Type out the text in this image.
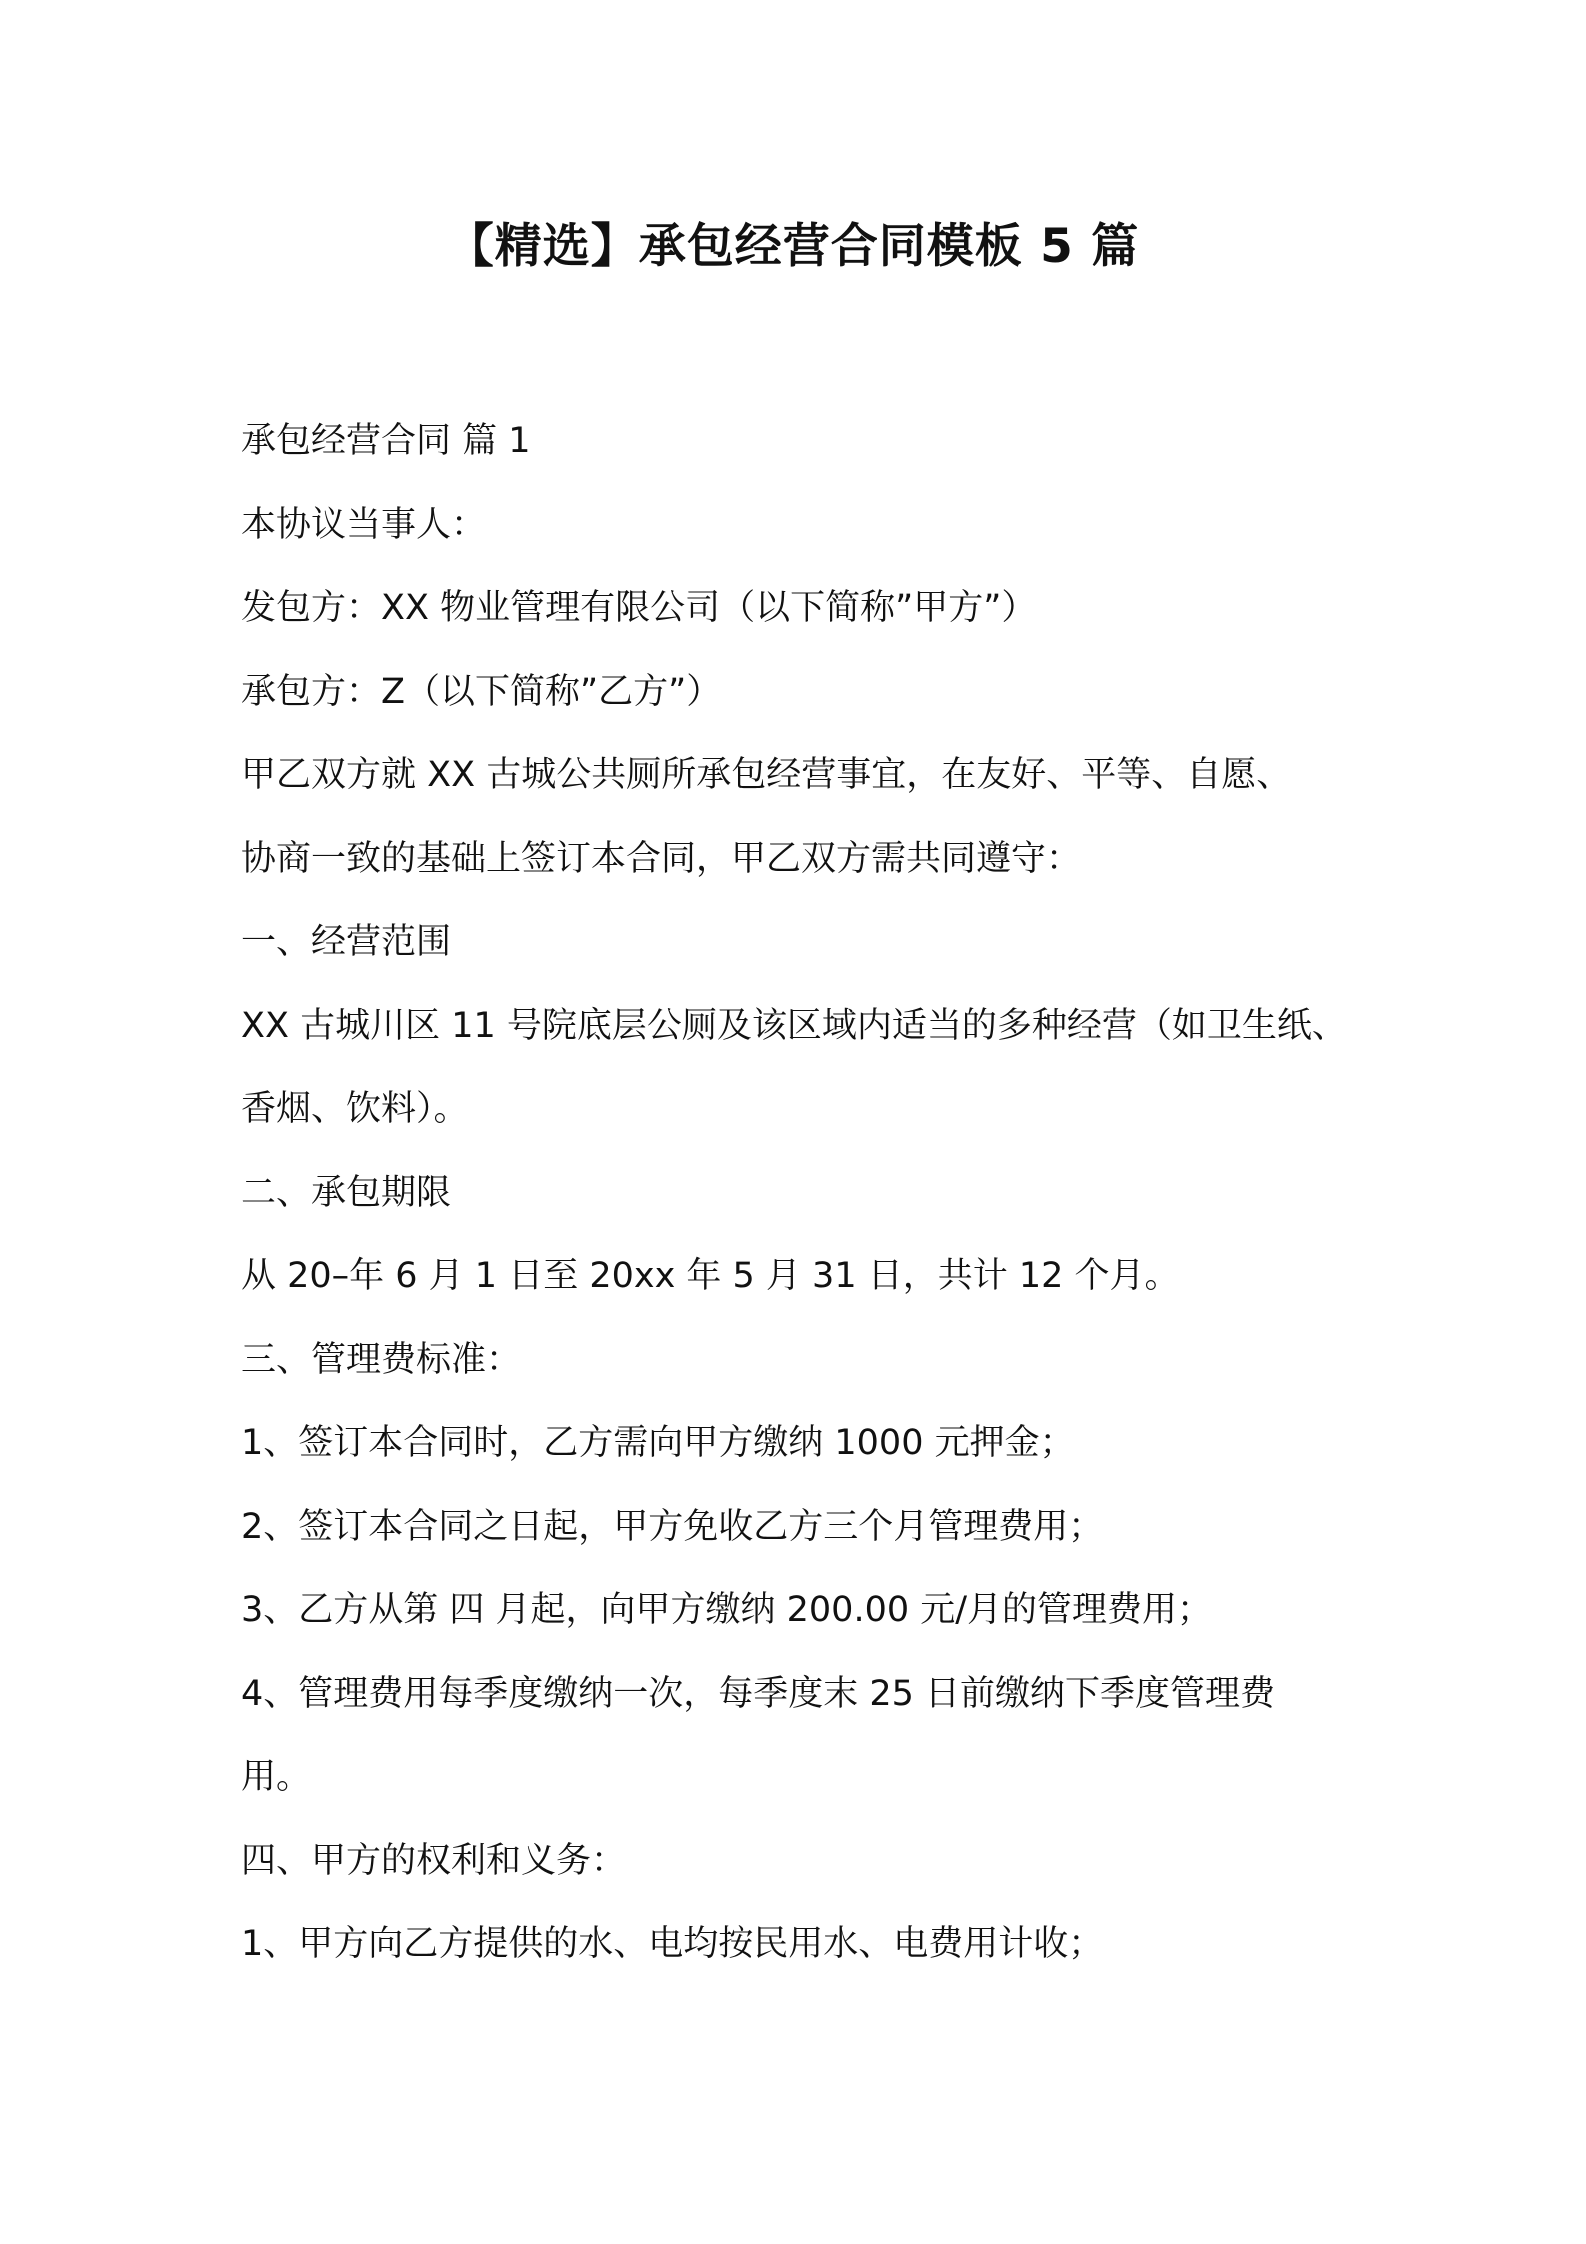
【精选】承包经营合同模板 5 篇
承包经营合同 篇 1
本协议当事人：
发包方：XX 物业管理有限公司（以下简称”甲方”）
承包方：Z（以下简称”乙方”）
甲乙双方就 XX 古城公共厕所承包经营事宜，在友好、平等、自愿、
协商一致的基础上签订本合同，甲乙双方需共同遵守：
一、经营范围
XX 古城川区 11 号院底层公厕及该区域内适当的多种经营（如卫生纸、
香烟、饮料）。
二、承包期限
从 20–年 6 月 1 日至 20xx 年 5 月 31 日，共计 12 个月。
三、管理费标准：
1、签订本合同时，乙方需向甲方缴纳 1000 元押金；
2、签订本合同之日起，甲方免收乙方三个月管理费用；
3、乙方从第 四 月起，向甲方缴纳 200.00 元/月的管理费用；
4、管理费用每季度缴纳一次，每季度末 25 日前缴纳下季度管理费
用。
四、甲方的权利和义务：
1、甲方向乙方提供的水、电均按民用水、电费用计收；
